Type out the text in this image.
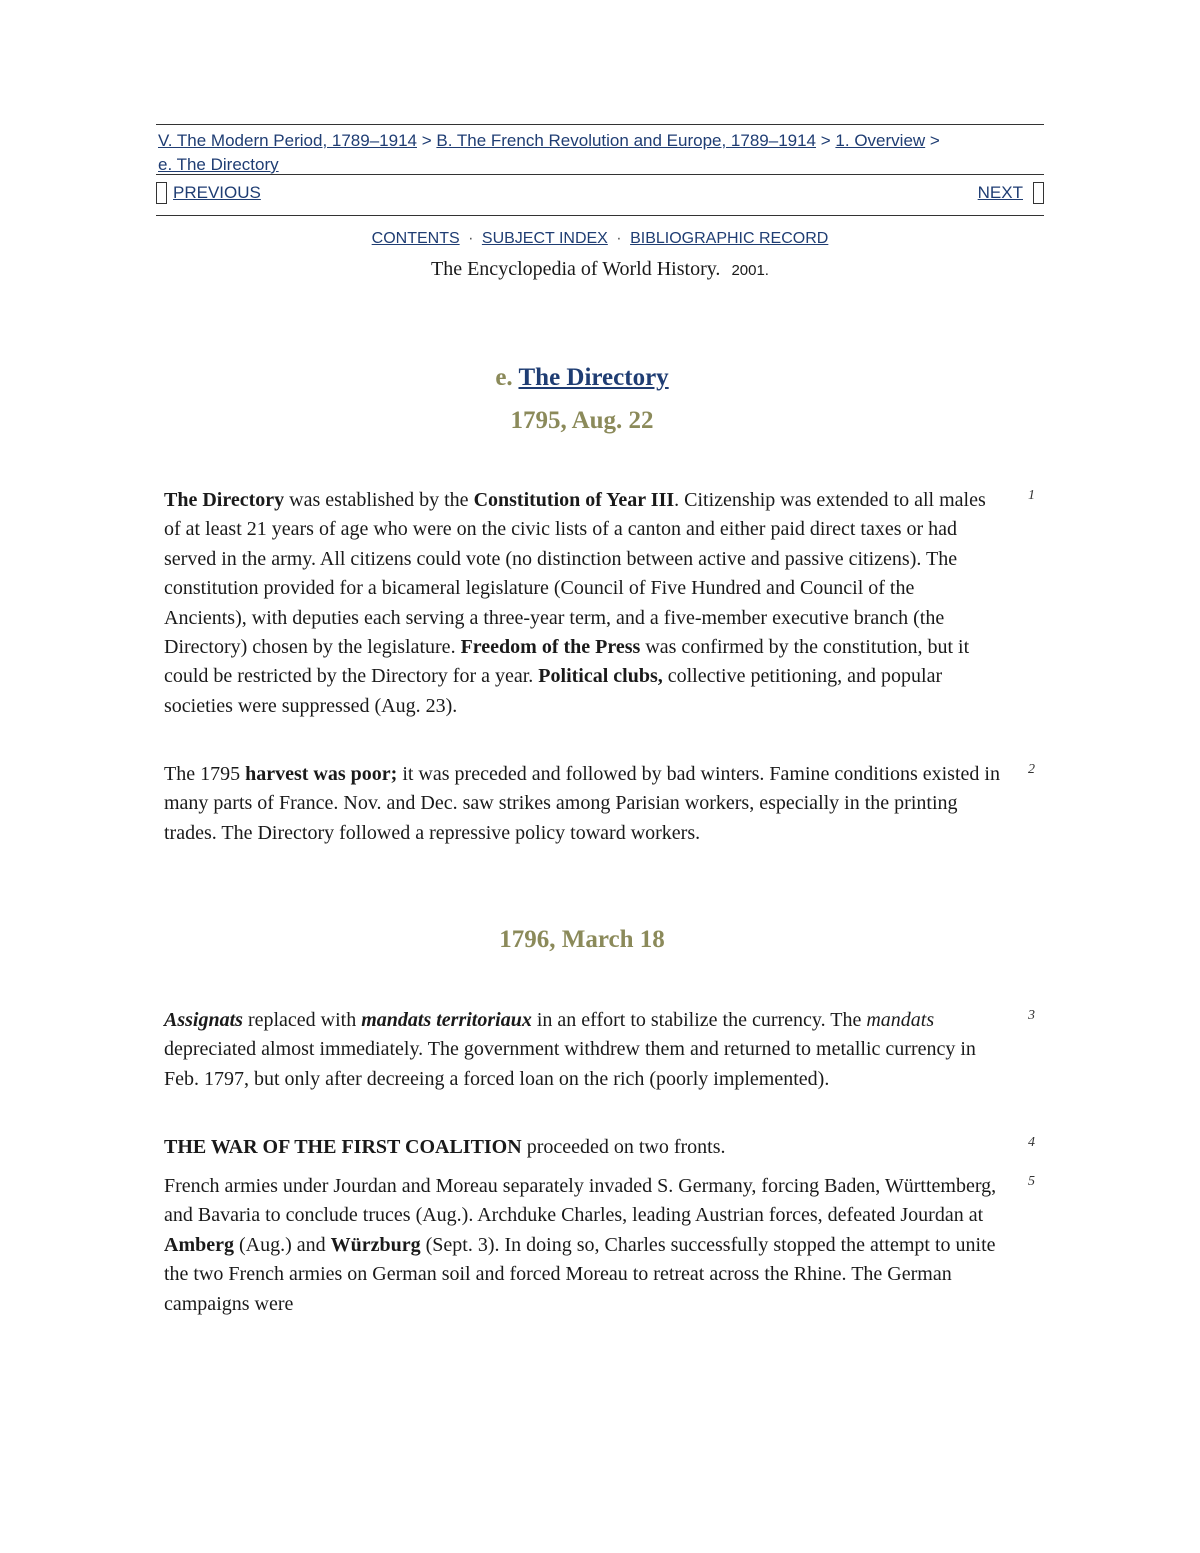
V. The Modern Period, 1789–1914 > B. The French Revolution and Europe, 1789–1914 > 1. Overview >
e. The Directory
PREVIOUS	NEXT
CONTENTS · SUBJECT INDEX · BIBLIOGRAPHIC RECORD
The Encyclopedia of World History. 2001.
e. The Directory
1795, Aug. 22
The Directory was established by the Constitution of Year III. Citizenship was extended to all males of at least 21 years of age who were on the civic lists of a canton and either paid direct taxes or had served in the army. All citizens could vote (no distinction between active and passive citizens). The constitution provided for a bicameral legislature (Council of Five Hundred and Council of the Ancients), with deputies each serving a three-year term, and a five-member executive branch (the Directory) chosen by the legislature. Freedom of the Press was confirmed by the constitution, but it could be restricted by the Directory for a year. Political clubs, collective petitioning, and popular societies were suppressed (Aug. 23).
1
The 1795 harvest was poor; it was preceded and followed by bad winters. Famine conditions existed in many parts of France. Nov. and Dec. saw strikes among Parisian workers, especially in the printing trades. The Directory followed a repressive policy toward workers.
2
1796, March 18
Assignats replaced with mandats territoriaux in an effort to stabilize the currency. The mandats depreciated almost immediately. The government withdrew them and returned to metallic currency in Feb. 1797, but only after decreeing a forced loan on the rich (poorly implemented).
3
THE WAR OF THE FIRST COALITION proceeded on two fronts.	4
French armies under Jourdan and Moreau separately invaded S. Germany, forcing Baden, Württemberg, and Bavaria to conclude truces (Aug.). Archduke Charles, leading Austrian forces, defeated Jourdan at Amberg (Aug.) and Würzburg (Sept. 3). In doing so, Charles successfully stopped the attempt to unite the two French armies on German soil and forced Moreau to retreat across the Rhine. The German campaigns were
5
